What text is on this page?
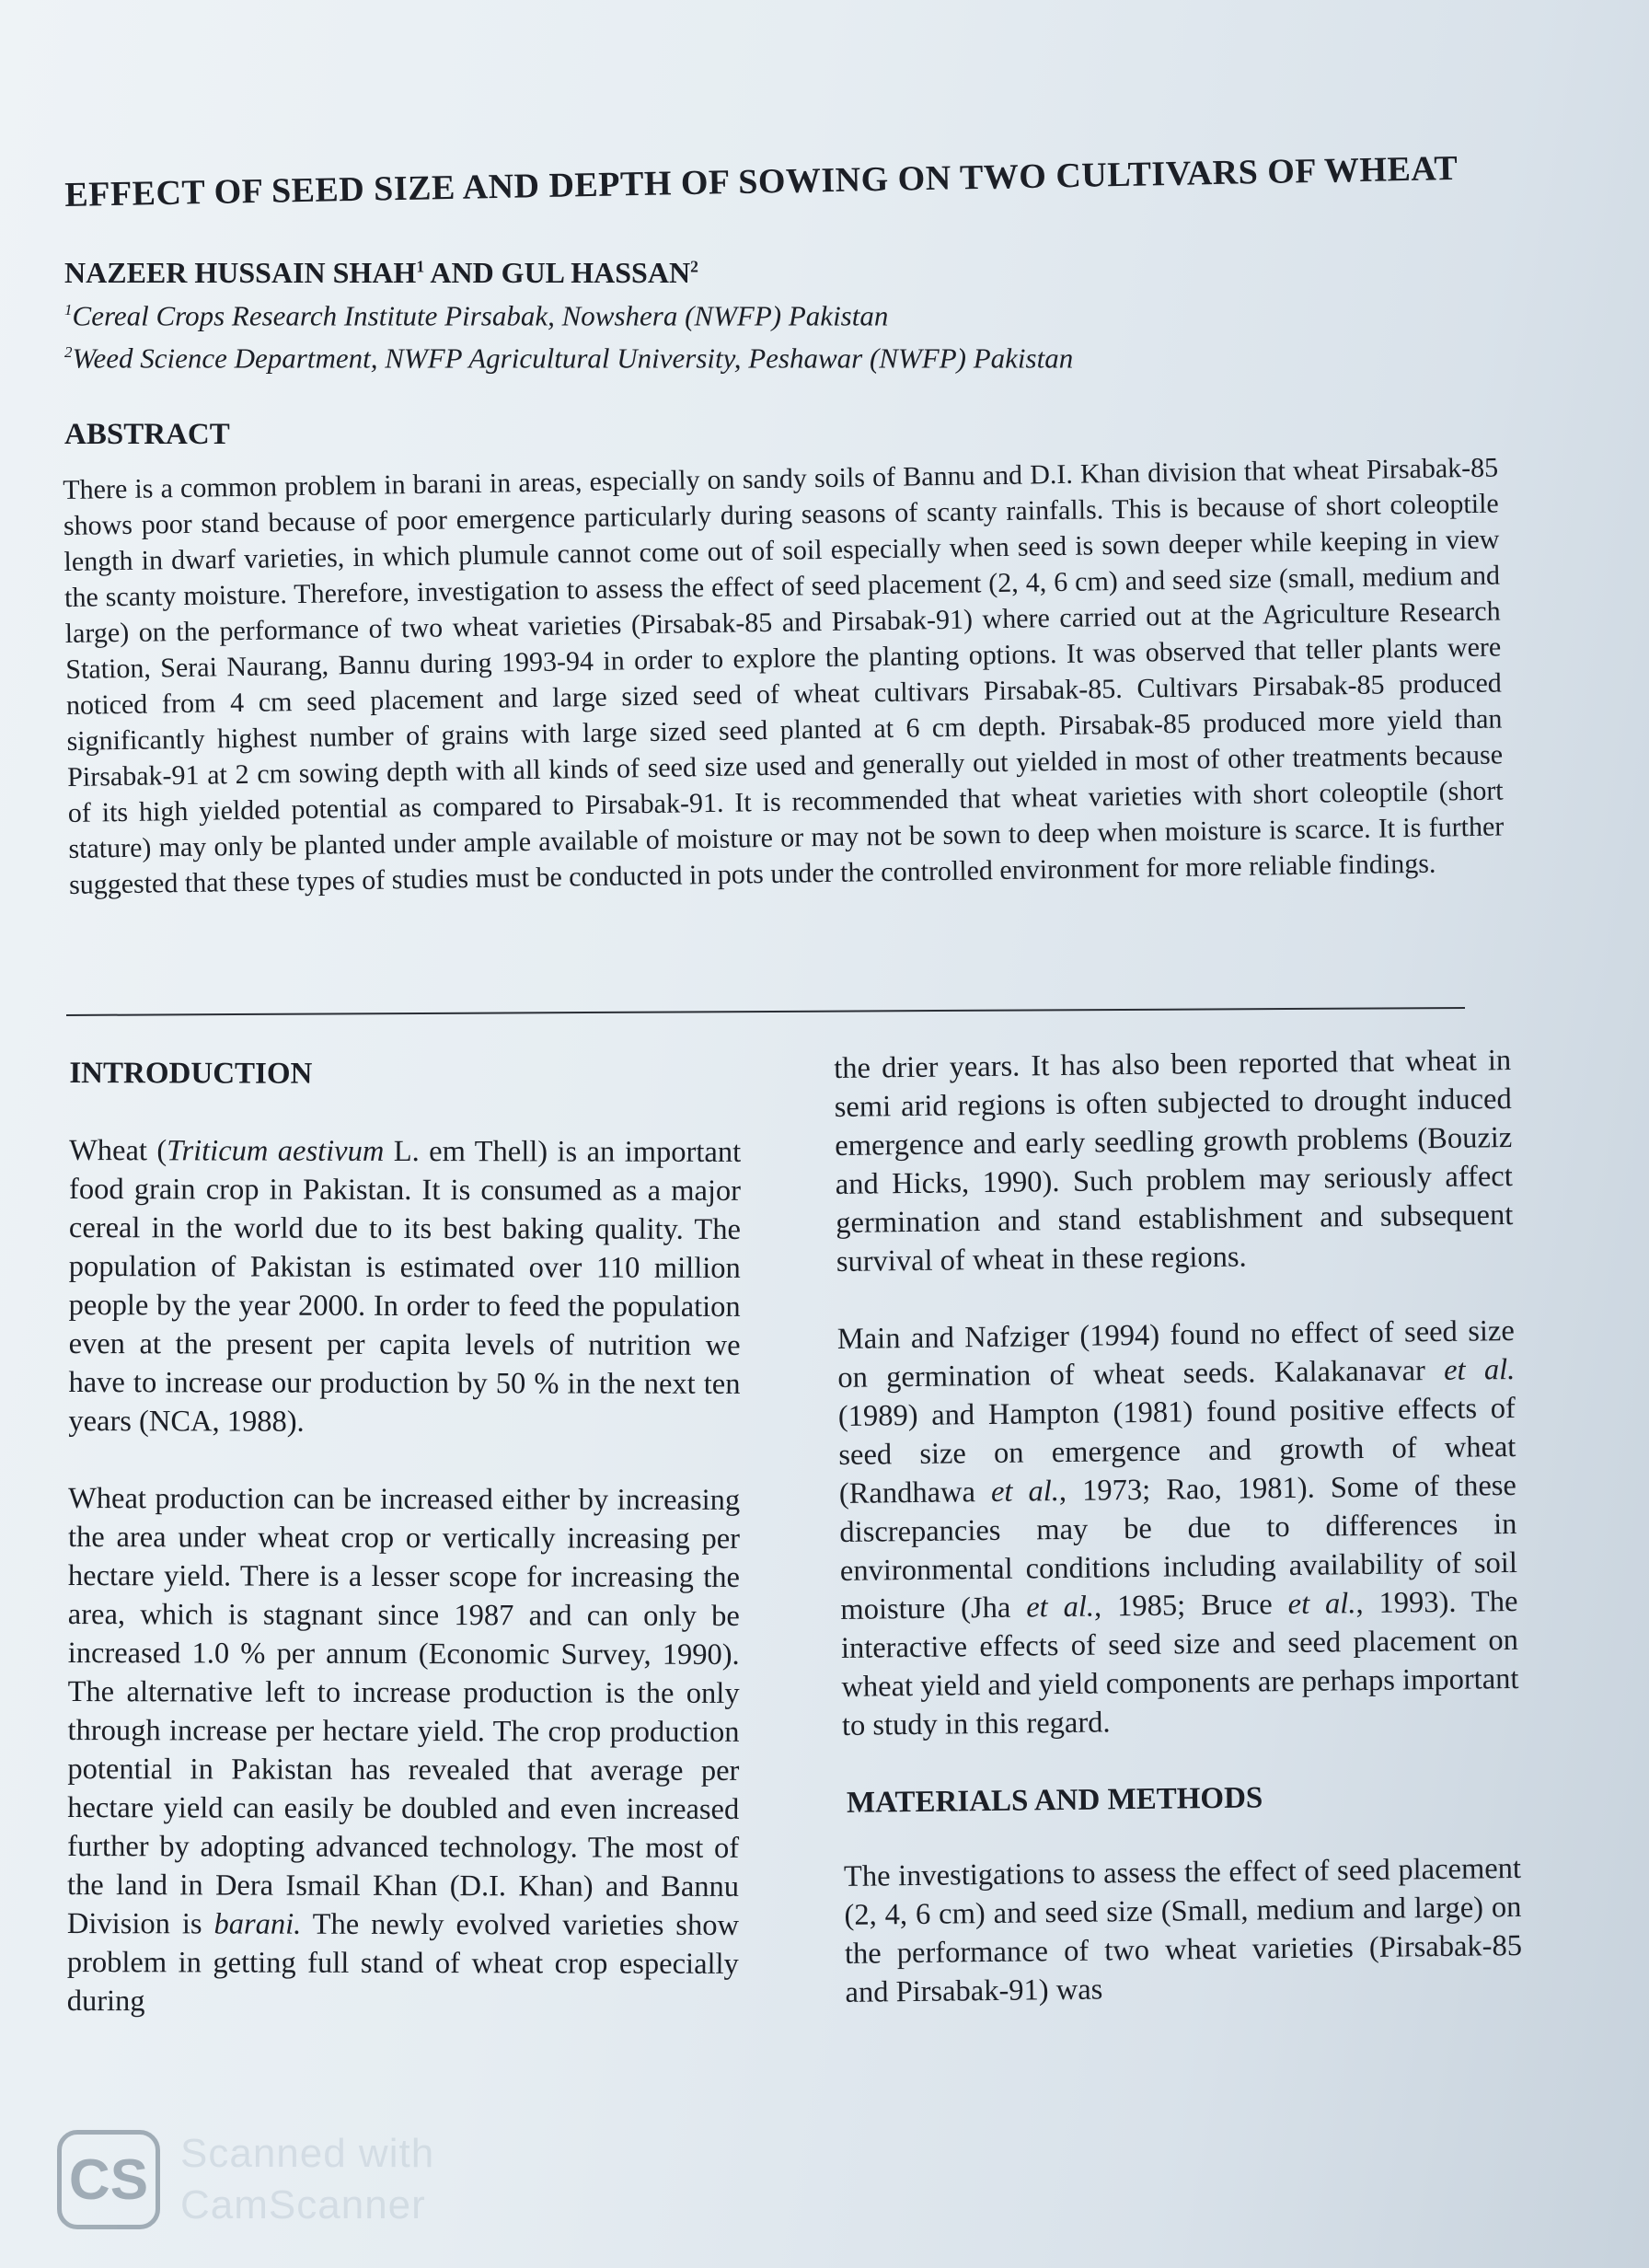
EFFECT OF SEED SIZE AND DEPTH OF SOWING ON TWO CULTIVARS OF WHEAT
NAZEER HUSSAIN SHAH$^1$ AND GUL HASSAN$^2$
$^1$Cereal Crops Research Institute Pirsabak, Nowshera (NWFP) Pakistan
$^2$Weed Science Department, NWFP Agricultural University, Peshawar (NWFP) Pakistan
ABSTRACT

There is a common problem in barani in areas, especially on sandy soils of Bannu and D.I. Khan division that wheat Pirsabak-85 shows poor stand because of poor emergence particularly during seasons of scanty rainfalls. This is because of short coleoptile length in dwarf varieties, in which plumule cannot come out of soil especially when seed is sown deeper while keeping in view the scanty moisture. Therefore, investigation to assess the effect of seed placement (2, 4, 6 cm) and seed size (small, medium and large) on the performance of two wheat varieties (Pirsabak-85 and Pirsabak-91) where carried out at the Agriculture Research Station, Serai Naurang, Bannu during 1993-94 in order to explore the planting options. It was observed that teller plants were noticed from 4 cm seed placement and large sized seed of wheat cultivars Pirsabak-85. Cultivars Pirsabak-85 produced significantly highest number of grains with large sized seed planted at 6 cm depth. Pirsabak-85 produced more yield than Pirsabak-91 at 2 cm sowing depth with all kinds of seed size used and generally out yielded in most of other treatments because of its high yielded potential as compared to Pirsabak-91. It is recommended that wheat varieties with short coleoptile (short stature) may only be planted under ample available of moisture or may not be sown to deep when moisture is scarce. It is further suggested that these types of studies must be conducted in pots under the controlled environment for more reliable findings.

INTRODUCTION

Wheat (Triticum aestivum L. em Thell) is an important food grain crop in Pakistan. It is consumed as a major cereal in the world due to its best baking quality. The population of Pakistan is estimated over 110 million people by the year 2000. In order to feed the population even at the present per capita levels of nutrition we have to increase our production by 50 % in the next ten years (NCA, 1988).

Wheat production can be increased either by increasing the area under wheat crop or vertically increasing per hectare yield. There is a lesser scope for increasing the area, which is stagnant since 1987 and can only be increased 1.0 % per annum (Economic Survey, 1990). The alternative left to increase production is the only through increase per hectare yield. The crop production potential in Pakistan has revealed that average per hectare yield can easily be doubled and even increased further by adopting advanced technology. The most of the land in Dera Ismail Khan (D.I. Khan) and Bannu Division is barani. The newly evolved varieties show problem in getting full stand of wheat crop especially during

the drier years. It has also been reported that wheat in semi arid regions is often subjected to drought induced emergence and early seedling growth problems (Bouziz and Hicks, 1990). Such problem may seriously affect germination and stand establishment and subsequent survival of wheat in these regions.

Main and Nafziger (1994) found no effect of seed size on germination of wheat seeds. Kalakanavar et al. (1989) and Hampton (1981) found positive effects of seed size on emergence and growth of wheat (Randhawa et al., 1973; Rao, 1981). Some of these discrepancies may be due to differences in environmental conditions including availability of soil moisture (Jha et al., 1985; Bruce et al., 1993). The interactive effects of seed size and seed placement on wheat yield and yield components are perhaps important to study in this regard.

MATERIALS AND METHODS

The investigations to assess the effect of seed placement (2, 4, 6 cm) and seed size (Small, medium and large) on the performance of two wheat varieties (Pirsabak-85 and Pirsabak-91) was

CS Scanned with
CamScanner
